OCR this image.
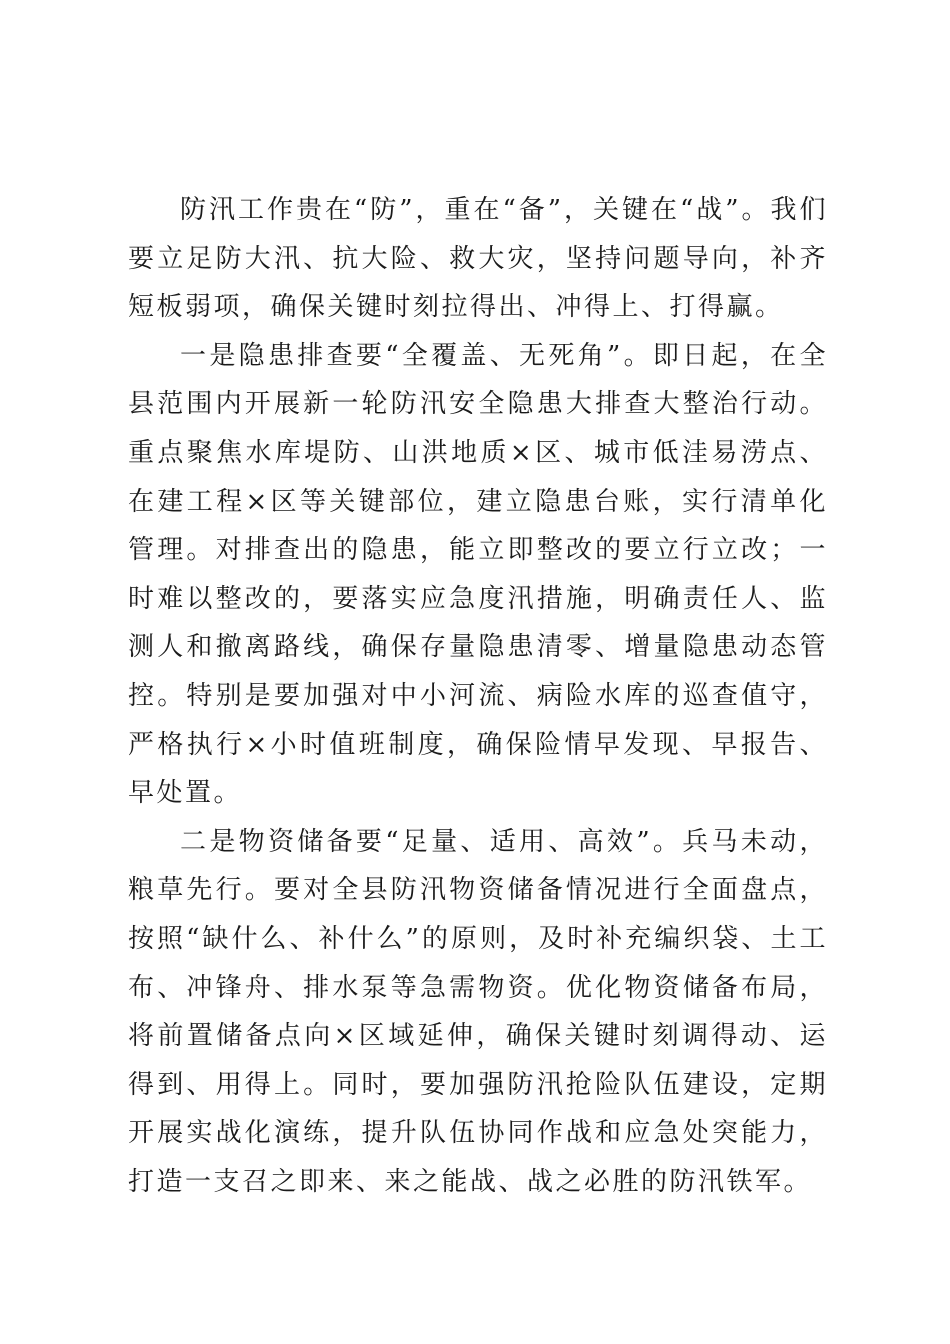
防汛工作贵在“防”，重在“备”，关键在“战”。我们要立足防大汛、抗大险、救大灾，坚持问题导向，补齐短板弱项，确保关键时刻拉得出、冲得上、打得赢。

一是隐患排查要“全覆盖、无死角”。即日起，在全县范围内开展新一轮防汛安全隐患大排查大整治行动。重点聚焦水库堤防、山洪地质×区、城市低洼易涝点、在建工程×区等关键部位，建立隐患台账，实行清单化管理。对排查出的隐患，能立即整改的要立行立改；一时难以整改的，要落实应急度汛措施，明确责任人、监测人和撤离路线，确保存量隐患清零、增量隐患动态管控。特别是要加强对中小河流、病险水库的巡查值守，严格执行×小时值班制度，确保险情早发现、早报告、早处置。

二是物资储备要“足量、适用、高效”。兵马未动，粮草先行。要对全县防汛物资储备情况进行全面盘点，按照“缺什么、补什么”的原则，及时补充编织袋、土工布、冲锋舟、排水泵等急需物资。优化物资储备布局，将前置储备点向×区域延伸，确保关键时刻调得动、运得到、用得上。同时，要加强防汛抢险队伍建设，定期开展实战化演练，提升队伍协同作战和应急处突能力，打造一支召之即来、来之能战、战之必胜的防汛铁军。
